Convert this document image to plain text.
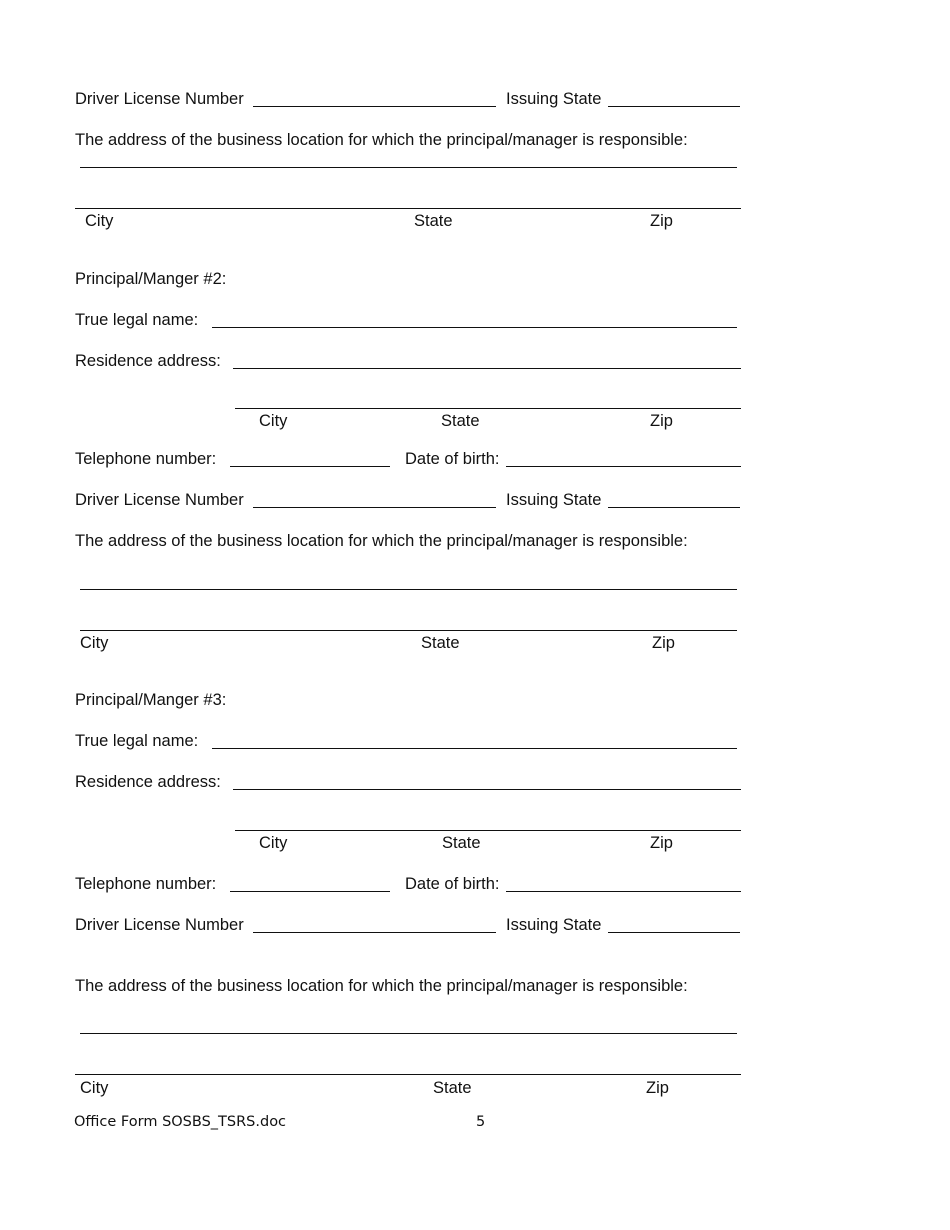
Driver License Number	Issuing State
The address of the business location for which the principal/manager is responsible:
City	State	Zip
Principal/Manger #2:
True legal name:
Residence address:
City	State	Zip
Telephone number:	Date of birth:
Driver License Number	Issuing State
The address of the business location for which the principal/manager is responsible:
City	State	Zip
Principal/Manger #3:
True legal name:
Residence address:
City	State	Zip
Telephone number:	Date of birth:
Driver License Number	Issuing State
The address of the business location for which the principal/manager is responsible:
City	State	Zip
Office Form SOSBS_TSRS.doc	5
